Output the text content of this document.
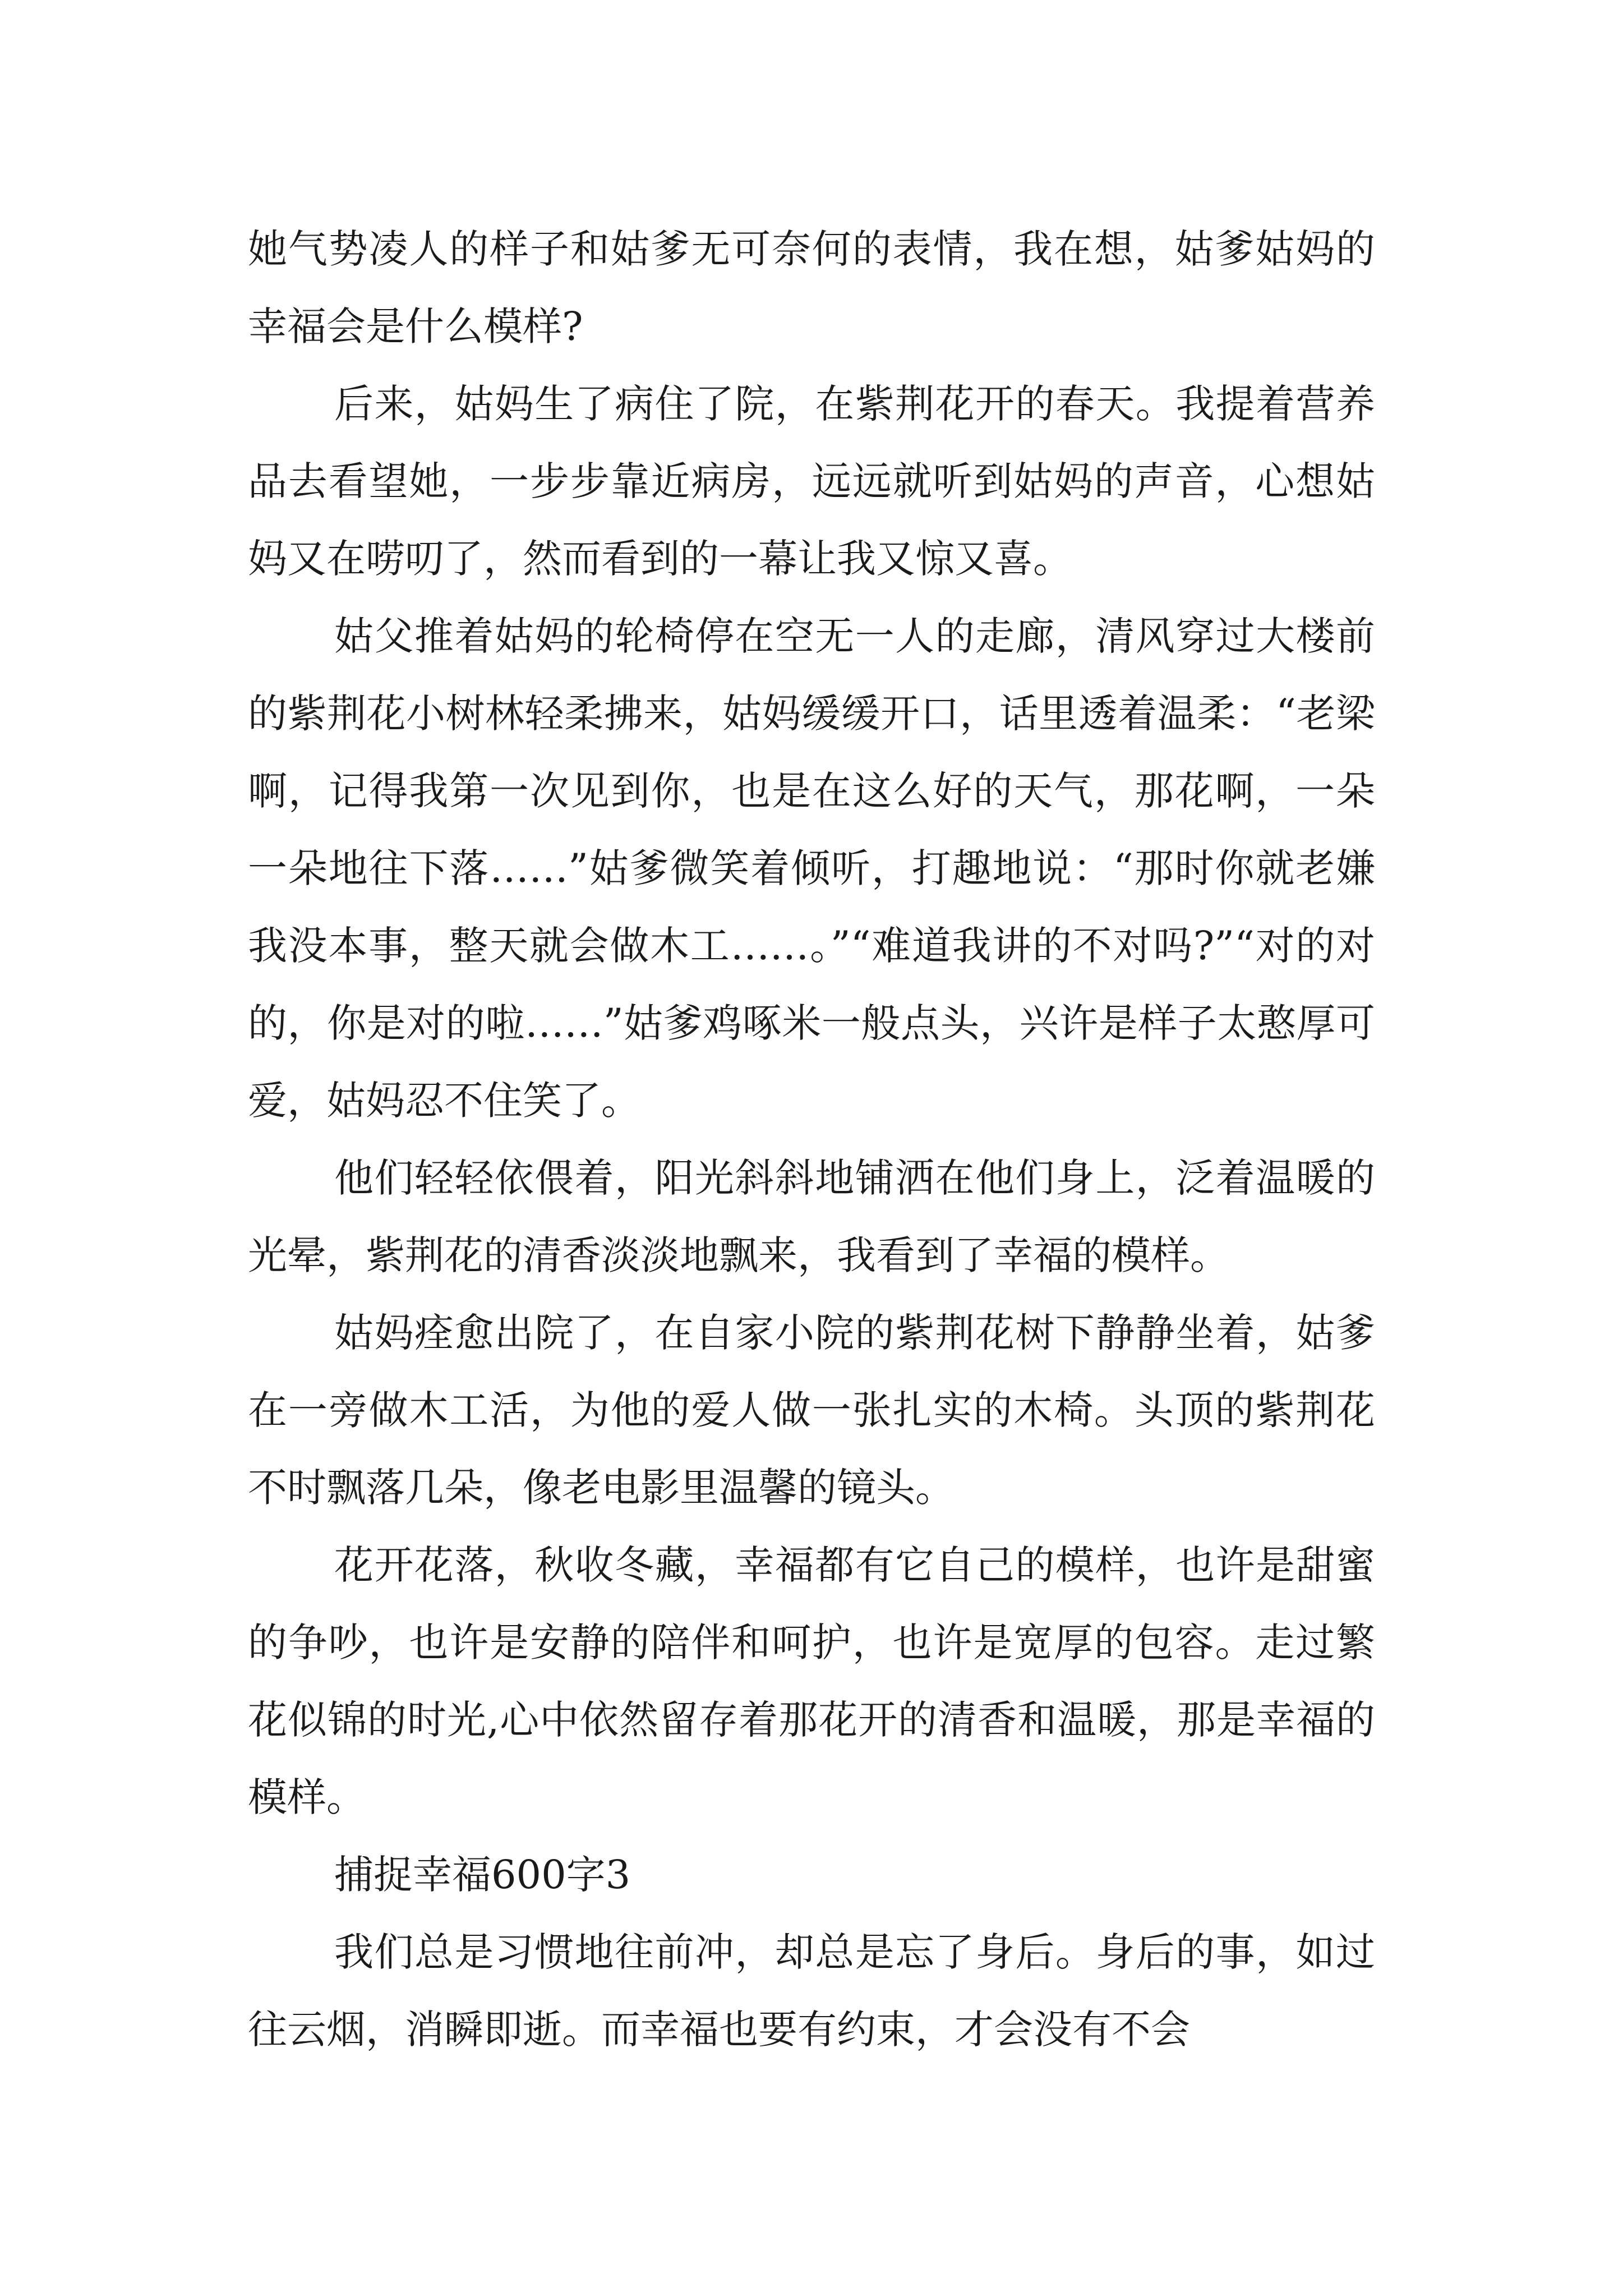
她气势凌人的样子和姑爹无可奈何的表情，我在想，姑爹姑妈的幸福会是什么模样?

后来，姑妈生了病住了院，在紫荆花开的春天。我提着营养品去看望她，一步步靠近病房，远远就听到姑妈的声音，心想姑妈又在唠叨了，然而看到的一幕让我又惊又喜。

姑父推着姑妈的轮椅停在空无一人的走廊，清风穿过大楼前的紫荆花小树林轻柔拂来，姑妈缓缓开口，话里透着温柔：“老梁啊，记得我第一次见到你，也是在这么好的天气，那花啊，一朵一朵地往下落……”姑爹微笑着倾听，打趣地说：“那时你就老嫌我没本事，整天就会做木工……。”“难道我讲的不对吗?”“对的对的，你是对的啦……”姑爹鸡啄米一般点头，兴许是样子太憨厚可爱，姑妈忍不住笑了。

他们轻轻依偎着，阳光斜斜地铺洒在他们身上，泛着温暖的光晕，紫荆花的清香淡淡地飘来，我看到了幸福的模样。

姑妈痊愈出院了，在自家小院的紫荆花树下静静坐着，姑爹在一旁做木工活，为他的爱人做一张扎实的木椅。头顶的紫荆花不时飘落几朵，像老电影里温馨的镜头。

花开花落，秋收冬藏，幸福都有它自己的模样，也许是甜蜜的争吵，也许是安静的陪伴和呵护，也许是宽厚的包容。走过繁花似锦的时光,心中依然留存着那花开的清香和温暖，那是幸福的模样。

捕捉幸福600字3

我们总是习惯地往前冲，却总是忘了身后。身后的事，如过往云烟，消瞬即逝。而幸福也要有约束，才会没有不会
